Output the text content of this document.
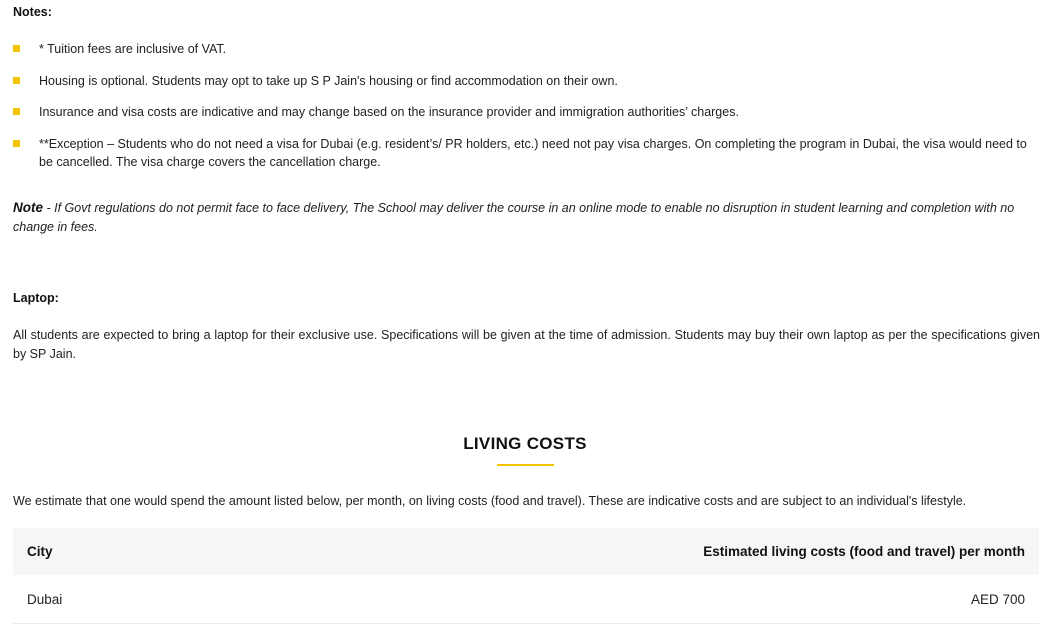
Notes:
* Tuition fees are inclusive of VAT.
Housing is optional. Students may opt to take up S P Jain's housing or find accommodation on their own.
Insurance and visa costs are indicative and may change based on the insurance provider and immigration authorities’ charges.
**Exception – Students who do not need a visa for Dubai (e.g. resident’s/ PR holders, etc.) need not pay visa charges. On completing the program in Dubai, the visa would need to be cancelled. The visa charge covers the cancellation charge.
Note - If Govt regulations do not permit face to face delivery, The School may deliver the course in an online mode to enable no disruption in student learning and completion with no change in fees.
Laptop:
All students are expected to bring a laptop for their exclusive use. Specifications will be given at the time of admission. Students may buy their own laptop as per the specifications given by SP Jain.
LIVING COSTS
We estimate that one would spend the amount listed below, per month, on living costs (food and travel). These are indicative costs and are subject to an individual's lifestyle.
City	Estimated living costs (food and travel) per month
Dubai	AED 700
